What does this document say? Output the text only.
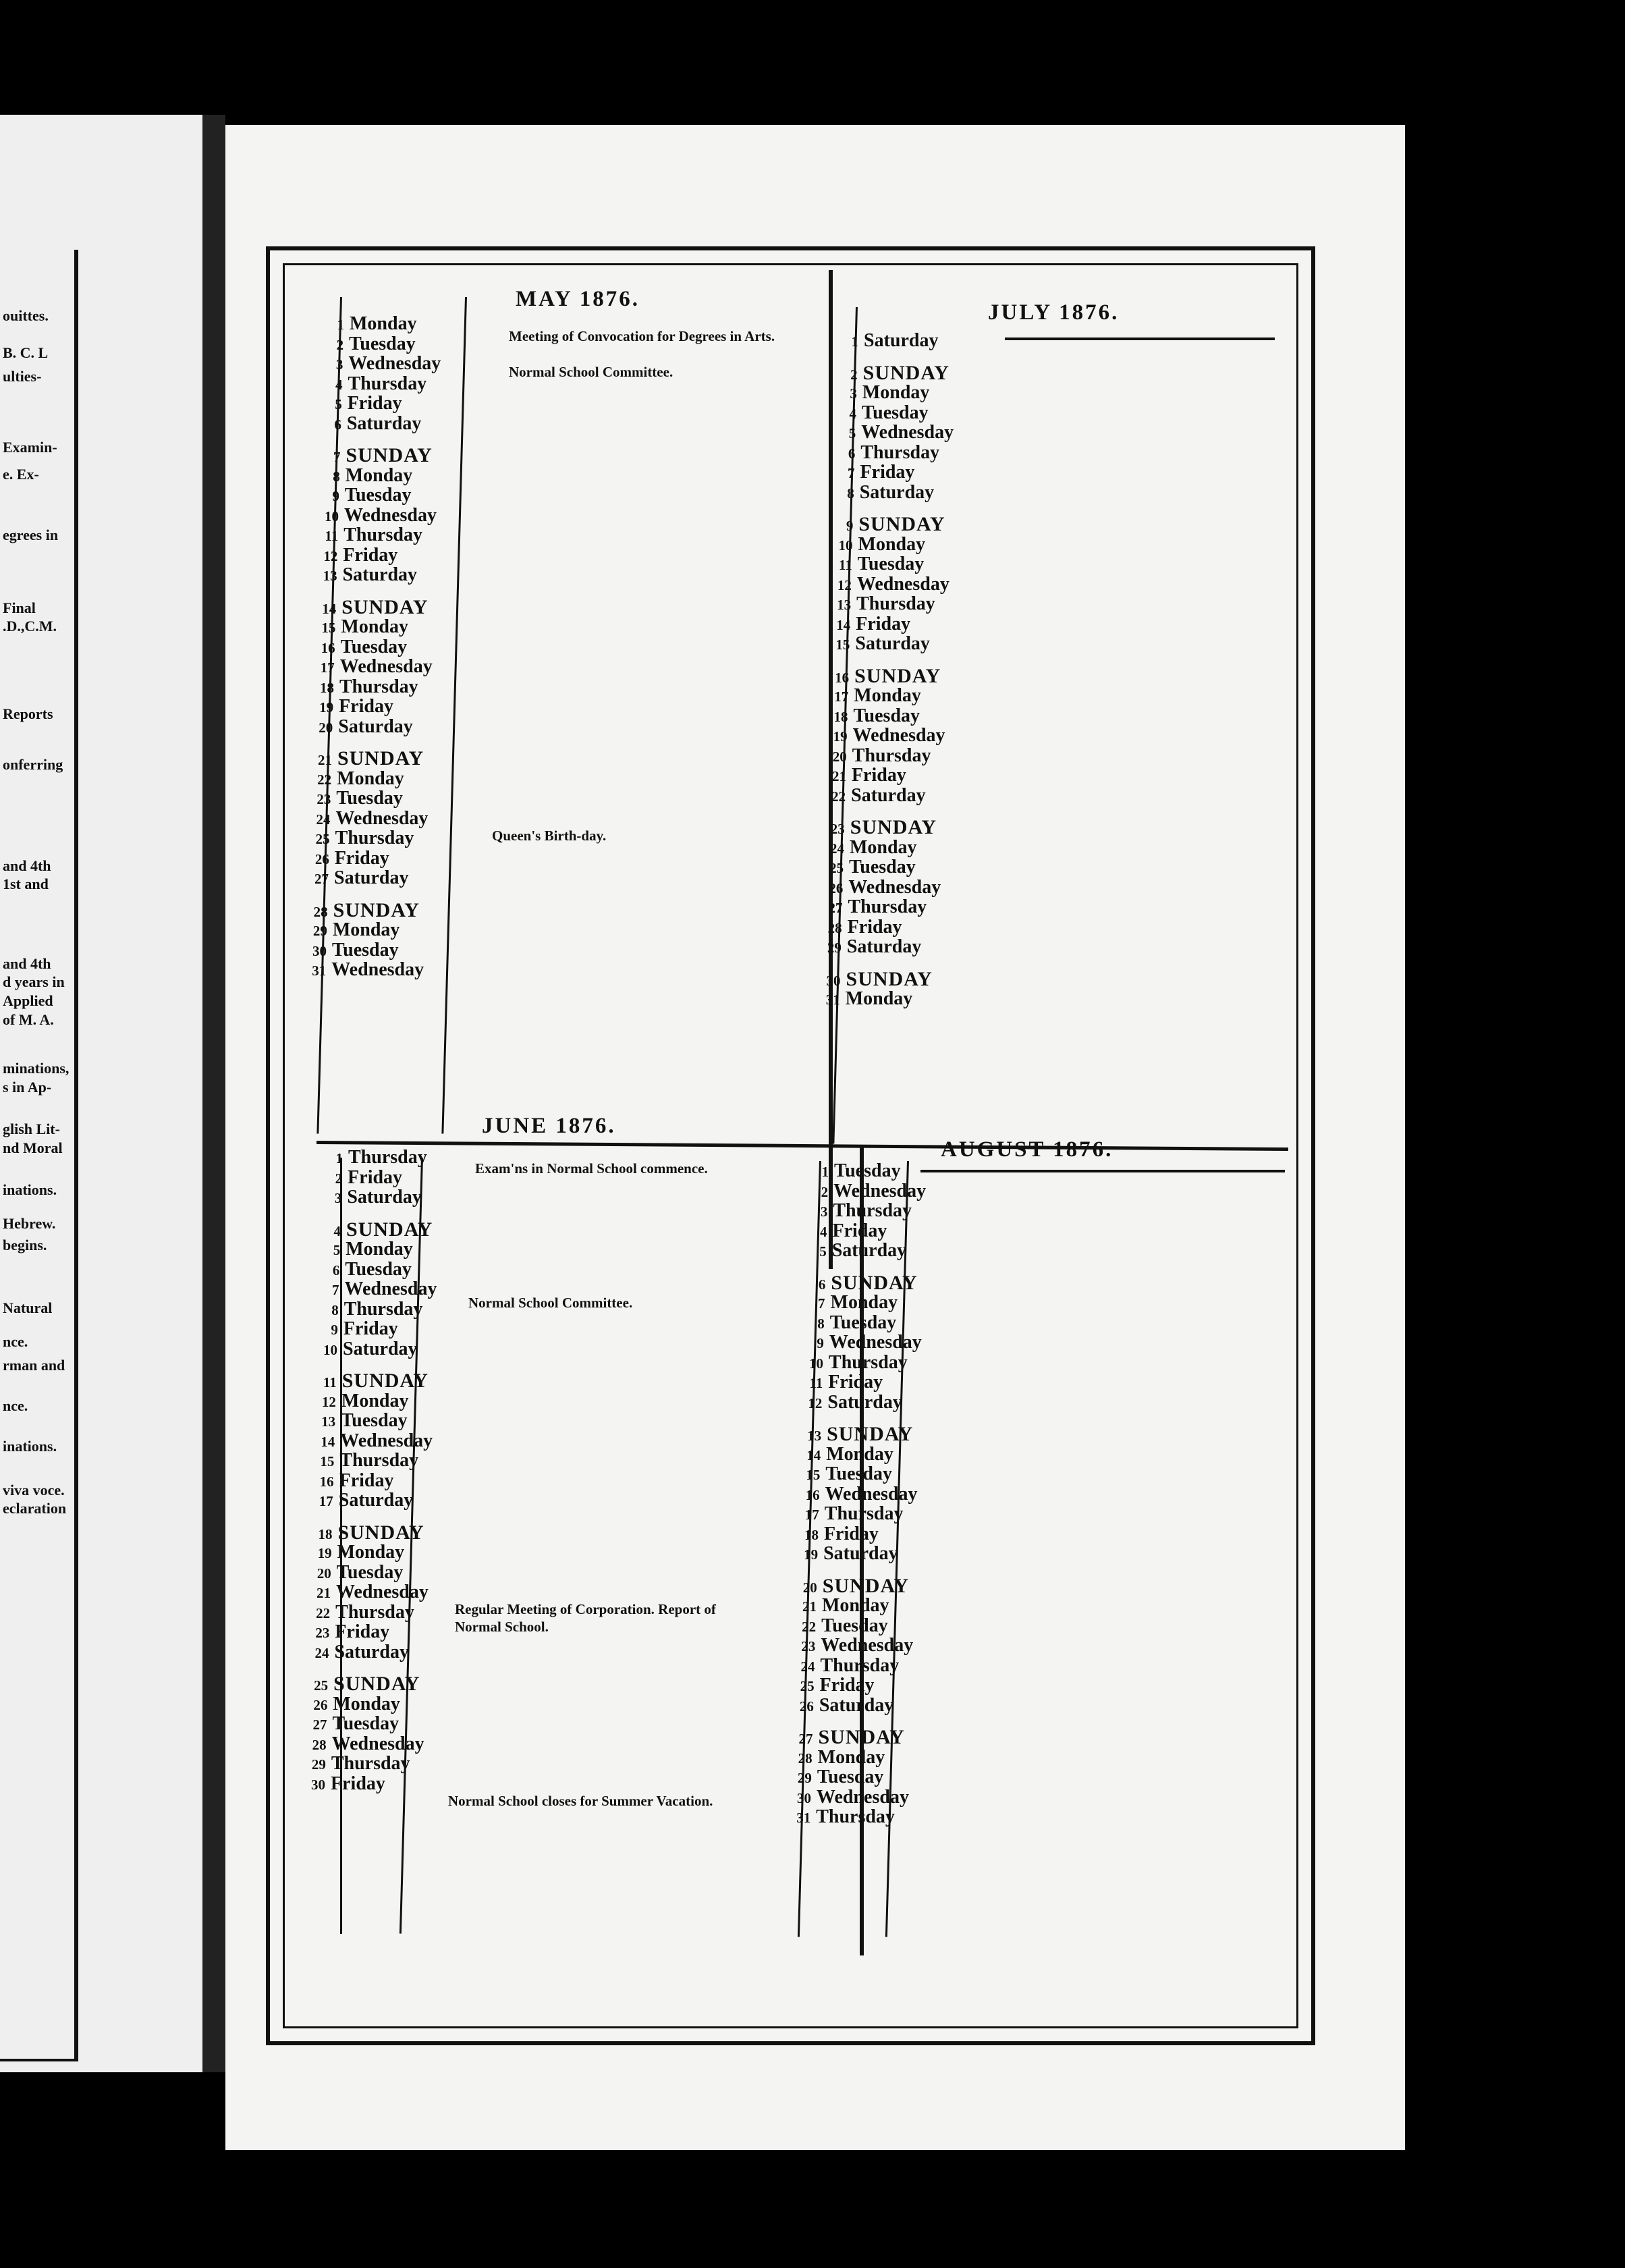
ouittes.
B. C. L
ulties-
Examin-
e. Ex-
egrees in
Final
.D.,C.M.
Reports
onferring
and 4th
1st and
and 4th
d years in
Applied
of M. A.
minations,
s in Ap-
glish Lit-
nd Moral
inations.
Hebrew.
begins.
Natural
nce.
rman and
nce.
inations.
viva voce.
eclaration

MAY 1876.
JULY 1876.
JUNE 1876.
AUGUST 1876.
1 Monday
2 Tuesday
3 Wednesday
4 Thursday
5 Friday
6 Saturday
7 SUNDAY
8 Monday
9 Tuesday
10 Wednesday
11 Thursday
12 Friday
13 Saturday
14 SUNDAY
15 Monday
16 Tuesday
17 Wednesday
18 Thursday
19 Friday
20 Saturday
21 SUNDAY
22 Monday
23 Tuesday
24 Wednesday
25 Thursday
26 Friday
27 Saturday
28 SUNDAY
29 Monday
30 Tuesday
31 Wednesday
1 Saturday
2 SUNDAY
3 Monday
4 Tuesday
5 Wednesday
6 Thursday
7 Friday
8 Saturday
9 SUNDAY
10 Monday
11 Tuesday
12 Wednesday
13 Thursday
14 Friday
15 Saturday
16 SUNDAY
17 Monday
18 Tuesday
19 Wednesday
20 Thursday
21 Friday
22 Saturday
23 SUNDAY
24 Monday
25 Tuesday
26 Wednesday
27 Thursday
28 Friday
29 Saturday
30 SUNDAY
31 Monday
1 Thursday
2 Friday
3 Saturday
4 SUNDAY
5 Monday
6 Tuesday
7 Wednesday
8 Thursday
9 Friday
10 Saturday
11 SUNDAY
12 Monday
13 Tuesday
14 Wednesday
15 Thursday
16 Friday
17 Saturday
18 SUNDAY
19 Monday
20 Tuesday
21 Wednesday
22 Thursday
23 Friday
24 Saturday
25 SUNDAY
26 Monday
27 Tuesday
28 Wednesday
29 Thursday
30 Friday
1 Tuesday
2 Wednesday
3 Thursday
4 Friday
5 Saturday
6 SUNDAY
7 Monday
8 Tuesday
9 Wednesday
10 Thursday
11 Friday
12 Saturday
13 SUNDAY
14 Monday
15 Tuesday
16 Wednesday
17 Thursday
18 Friday
19 Saturday
20 SUNDAY
21 Monday
22 Tuesday
23 Wednesday
24 Thursday
25 Friday
26 Saturday
27 SUNDAY
28 Monday
29 Tuesday
30 Wednesday
31 Thursday
Meeting of Convocation for Degrees in Arts.
Normal School Committee.
Queen's Birth-day.
Exam'ns in Normal School commence.
Normal School Committee.
Regular Meeting of Corporation. Report of Normal School.
Normal School closes for Summer Vacation.
